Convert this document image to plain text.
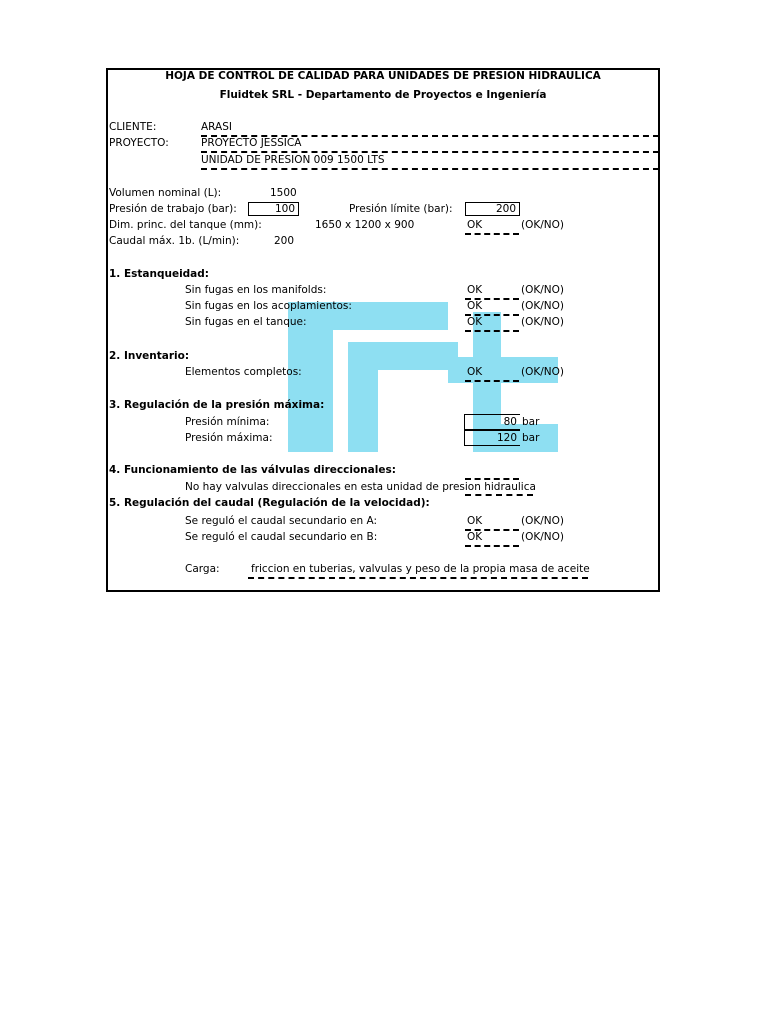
HOJA DE CONTROL DE CALIDAD PARA UNIDADES DE PRESION HIDRAULICA
Fluidtek SRL - Departamento de Proyectos e Ingeniería
CLIENTE:	ARASI
PROYECTO:	PROYECTO JESSICA
UNIDAD DE PRESION 009 1500 LTS
Volumen nominal (L):	1500
Presión de trabajo (bar):	100	Presión límite (bar):	200
Dim. princ. del tanque (mm):	1650 x 1200 x 900	OK	(OK/NO)
Caudal máx. 1b. (L/min):	200
1. Estanqueidad:
Sin fugas en los manifolds:	OK	(OK/NO)
Sin fugas en los acoplamientos:	OK	(OK/NO)
Sin fugas en el tanque:	OK	(OK/NO)
2. Inventario:
Elementos completos:	OK	(OK/NO)
3. Regulación de la presión máxima:
Presión mínima:	80 bar
Presión máxima:	120 bar
4. Funcionamiento de las válvulas direccionales:
No hay valvulas direccionales en esta unidad de presion hidraulica
5. Regulación del caudal (Regulación de la velocidad):
Se reguló el caudal secundario en A:	OK	(OK/NO)
Se reguló el caudal secundario en B:	OK	(OK/NO)
Carga:	friccion en tuberias, valvulas y peso de la propia masa de aceite
